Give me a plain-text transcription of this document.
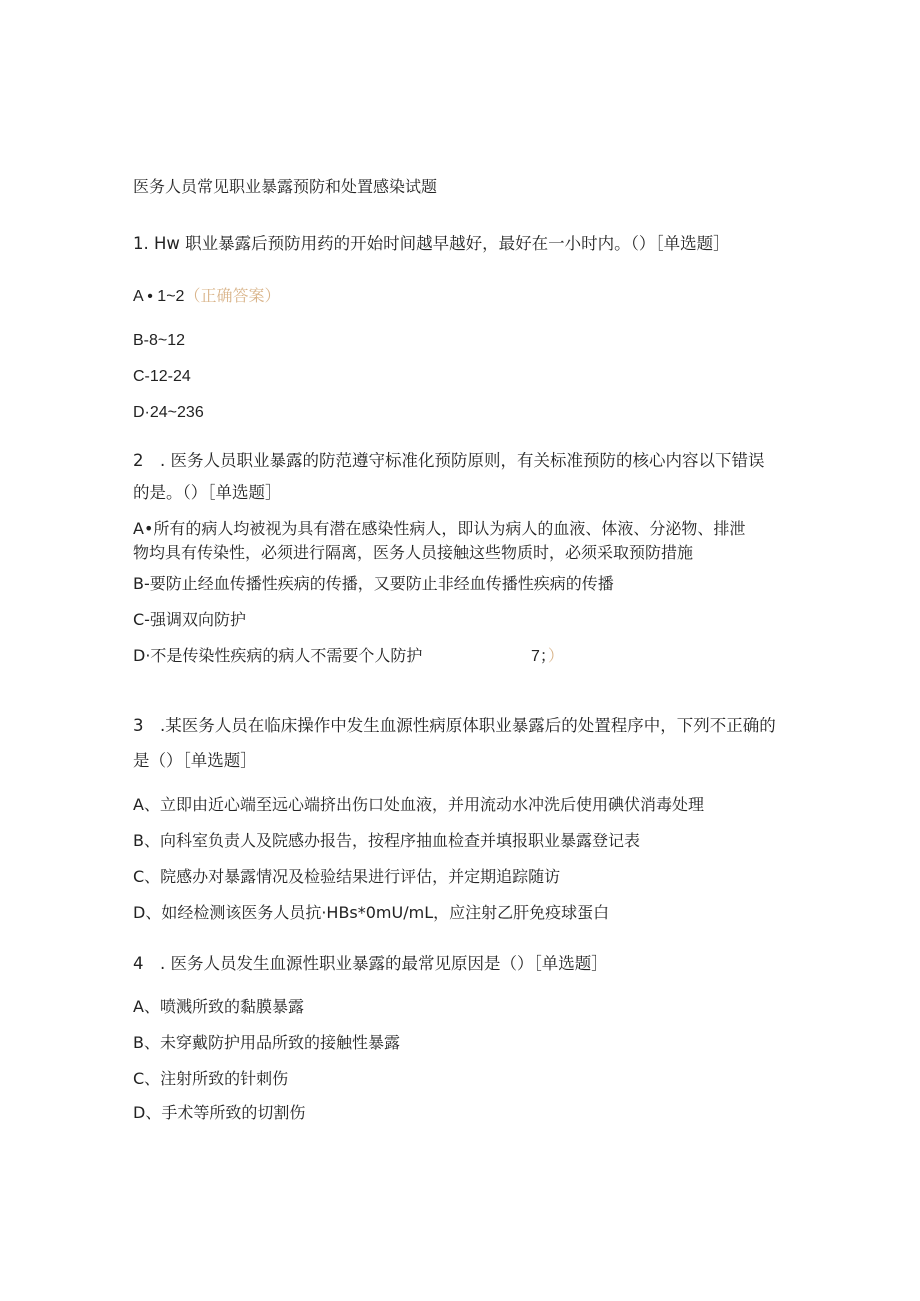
医务人员常见职业暴露预防和处置感染试题
1. Hw 职业暴露后预防用药的开始时间越早越好，最好在一小时内。（）［单选题］
A • 1~2（正确答案）
B-8~12
C-12-24
D·24~236
2　. 医务人员职业暴露的防范遵守标准化预防原则，有关标准预防的核心内容以下错误
的是。（）［单选题］
A•所有的病人均被视为具有潜在感染性病人，即认为病人的血液、体液、分泌物、排泄
物均具有传染性，必须进行隔离，医务人员接触这些物质时，必须采取预防措施
B-要防止经血传播性疾病的传播，又要防止非经血传播性疾病的传播
C-强调双向防护
D·不是传染性疾病的病人不需要个人防护	7；）
3　.某医务人员在临床操作中发生血源性病原体职业暴露后的处置程序中，下列不正确的
是（）［单选题］
A、立即由近心端至远心端挤出伤口处血液，并用流动水冲洗后使用碘伏消毒处理
B、向科室负责人及院感办报告，按程序抽血检查并填报职业暴露登记表
C、院感办对暴露情况及检验结果进行评估，并定期追踪随访
D、如经检测该医务人员抗·HBs*0mU∕mL，应注射乙肝免疫球蛋白
4　. 医务人员发生血源性职业暴露的最常见原因是（）［单选题］
A、喷溅所致的黏膜暴露
B、未穿戴防护用品所致的接触性暴露
C、注射所致的针刺伤
D、手术等所致的切割伤
